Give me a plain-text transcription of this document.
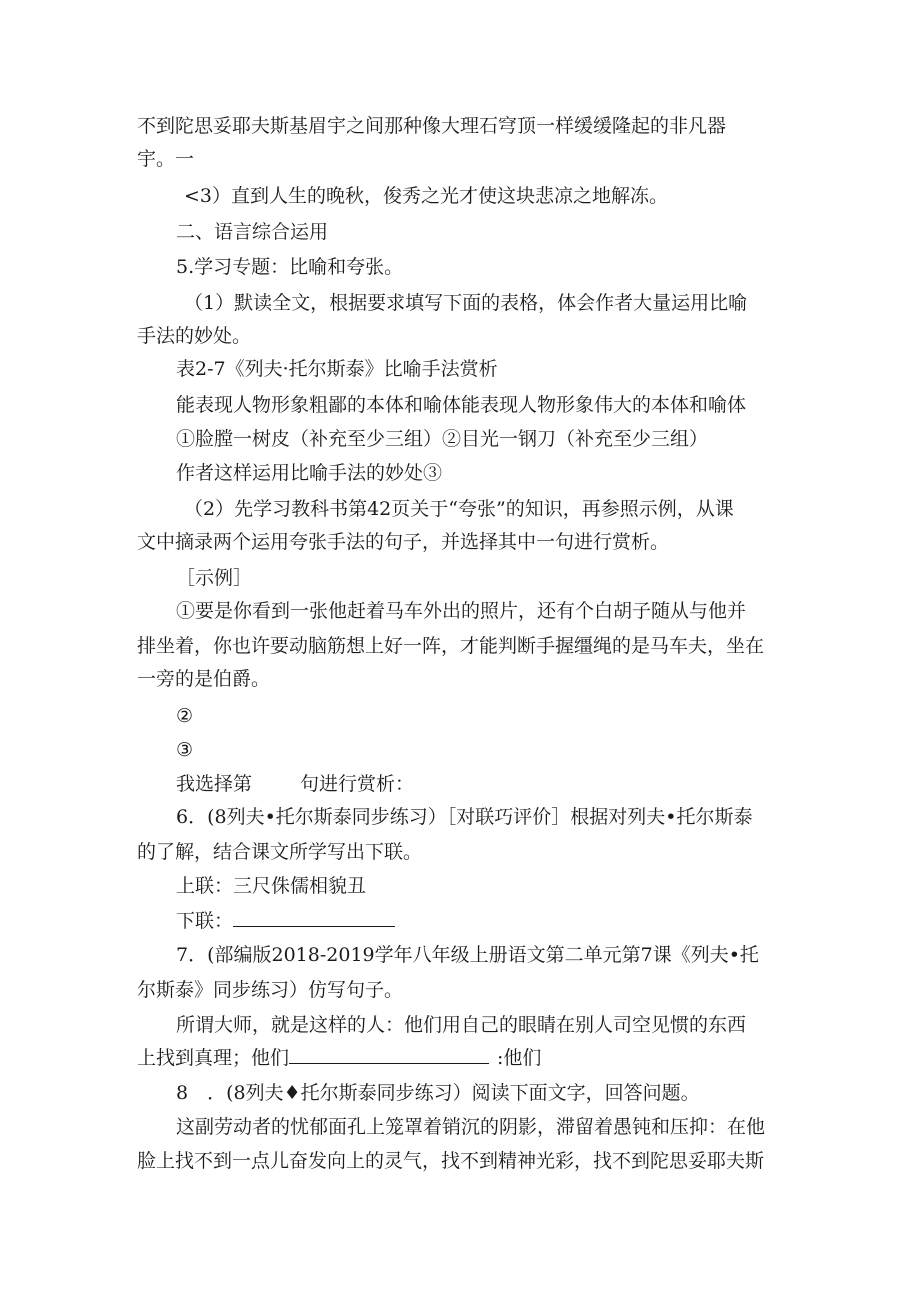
不到陀思妥耶夫斯基眉宇之间那种像大理石穹顶一样缓缓隆起的非凡器
宇。一
<3）直到人生的晚秋，俊秀之光才使这块悲凉之地解冻。
二、语言综合运用
5.学习专题：比喻和夸张。
（1）默读全文，根据要求填写下面的表格，体会作者大量运用比喻
手法的妙处。
表2-7《列夫·托尔斯泰》比喻手法赏析
能表现人物形象粗鄙的本体和喻体能表现人物形象伟大的本体和喻体
①脸膛一树皮（补充至少三组）②目光一钢刀（补充至少三组）
作者这样运用比喻手法的妙处③
（2）先学习教科书第42页关于“夸张”的知识，再参照示例，从课
文中摘录两个运用夸张手法的句子，并选择其中一句进行赏析。
［示例］
①要是你看到一张他赶着马车外出的照片，还有个白胡子随从与他并
排坐着，你也许要动脑筋想上好一阵，才能判断手握缰绳的是马车夫，坐在
一旁的是伯爵。
②
③
我选择第	句进行赏析：
6．(8列夫•托尔斯泰同步练习）［对联巧评价］根据对列夫•托尔斯泰
的了解，结合课文所学写出下联。
上联：三尺侏儒相貌丑
下联：
7．(部编版2018-2019学年八年级上册语文第二单元第7课《列夫•托
尔斯泰》同步练习）仿写句子。
所谓大师，就是这样的人：他们用自己的眼睛在别人司空见惯的东西
上找到真理；他们	:他们
8　．(8列夫♦托尔斯泰同步练习）阅读下面文字，回答问题。
这副劳动者的忧郁面孔上笼罩着销沉的阴影，滞留着愚钝和压抑：在他
脸上找不到一点儿奋发向上的灵气，找不到精神光彩，找不到陀思妥耶夫斯
